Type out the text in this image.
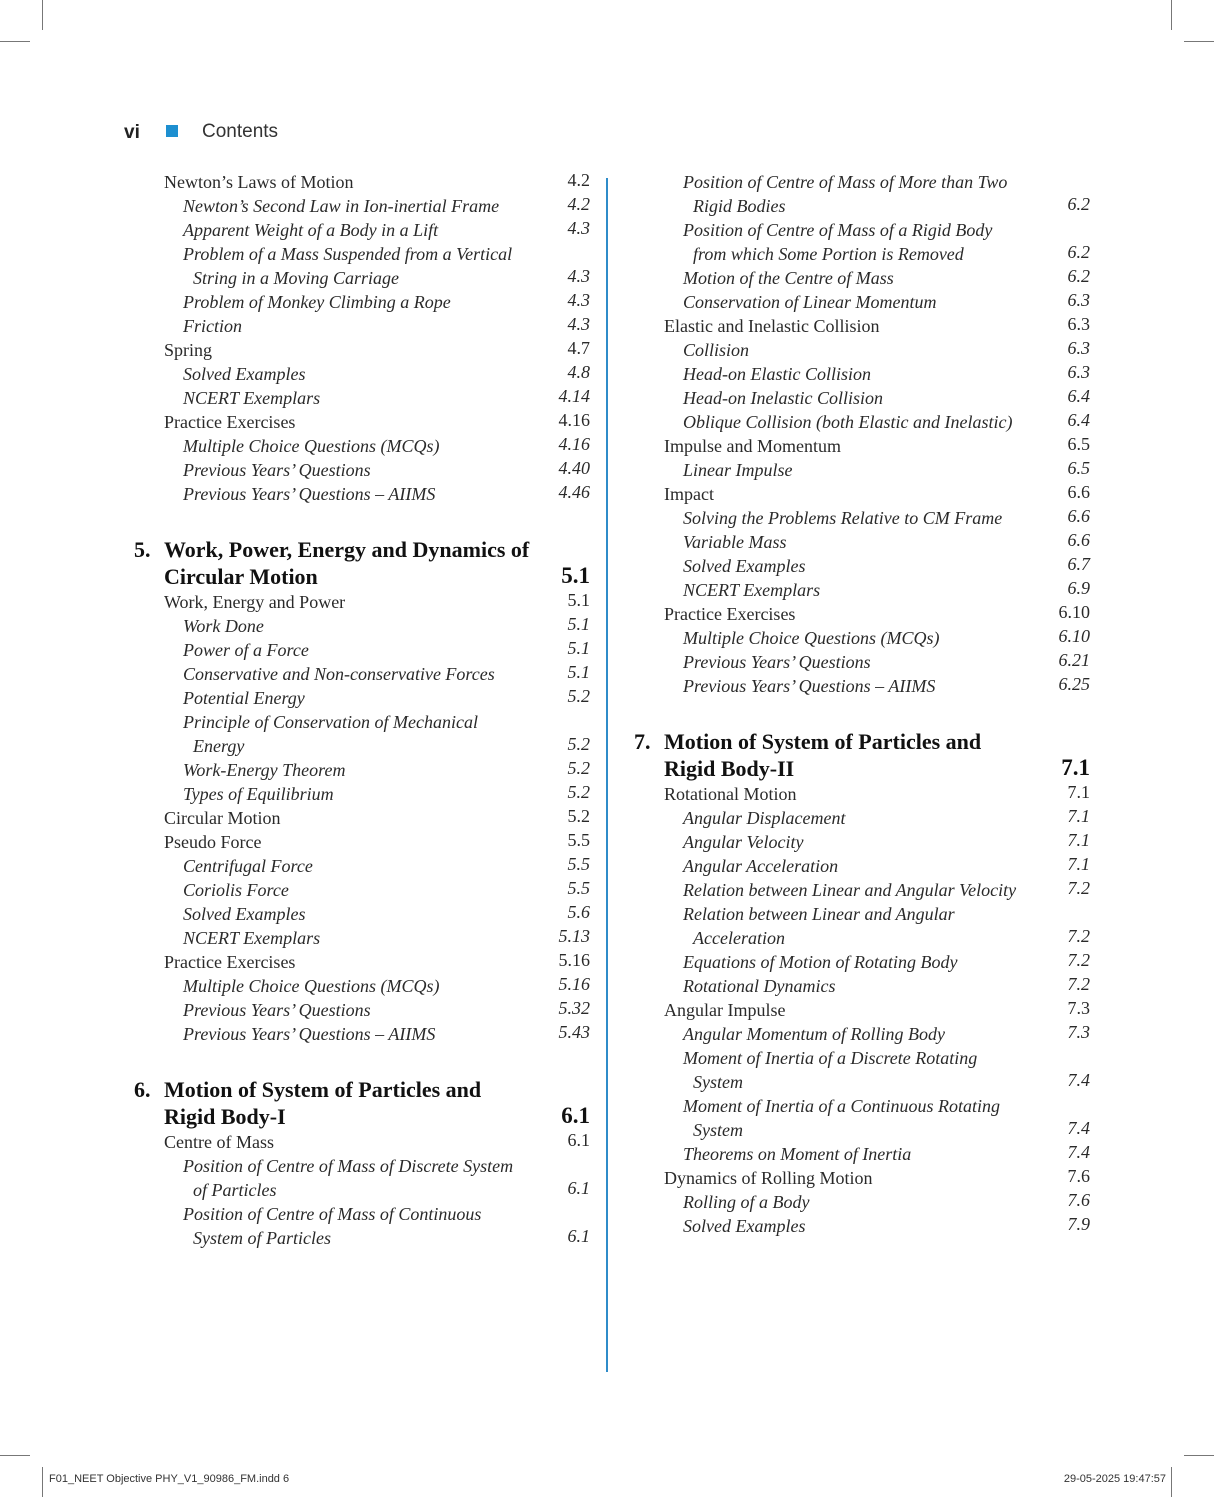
vi	Contents
Newton’s Laws of Motion	4.2
Newton’s Second Law in Ion-inertial Frame	4.2
Apparent Weight of a Body in a Lift	4.3
Problem of a Mass Suspended from a Vertical String in a Moving Carriage	4.3
Problem of Monkey Climbing a Rope	4.3
Friction	4.3
Spring	4.7
Solved Examples	4.8
NCERT Exemplars	4.14
Practice Exercises	4.16
Multiple Choice Questions (MCQs)	4.16
Previous Years’ Questions	4.40
Previous Years’ Questions – AIIMS	4.46
5. Work, Power, Energy and Dynamics of Circular Motion	5.1
Work, Energy and Power	5.1
Work Done	5.1
Power of a Force	5.1
Conservative and Non-conservative Forces	5.1
Potential Energy	5.2
Principle of Conservation of Mechanical Energy	5.2
Work-Energy Theorem	5.2
Types of Equilibrium	5.2
Circular Motion	5.2
Pseudo Force	5.5
Centrifugal Force	5.5
Coriolis Force	5.5
Solved Examples	5.6
NCERT Exemplars	5.13
Practice Exercises	5.16
Multiple Choice Questions (MCQs)	5.16
Previous Years’ Questions	5.32
Previous Years’ Questions – AIIMS	5.43
6. Motion of System of Particles and Rigid Body-I	6.1
Centre of Mass	6.1
Position of Centre of Mass of Discrete System of Particles	6.1
Position of Centre of Mass of Continuous System of Particles	6.1
Position of Centre of Mass of More than Two Rigid Bodies	6.2
Position of Centre of Mass of a Rigid Body from which Some Portion is Removed	6.2
Motion of the Centre of Mass	6.2
Conservation of Linear Momentum	6.3
Elastic and Inelastic Collision	6.3
Collision	6.3
Head-on Elastic Collision	6.3
Head-on Inelastic Collision	6.4
Oblique Collision (both Elastic and Inelastic)	6.4
Impulse and Momentum	6.5
Linear Impulse	6.5
Impact	6.6
Solving the Problems Relative to CM Frame	6.6
Variable Mass	6.6
Solved Examples	6.7
NCERT Exemplars	6.9
Practice Exercises	6.10
Multiple Choice Questions (MCQs)	6.10
Previous Years’ Questions	6.21
Previous Years’ Questions – AIIMS	6.25
7. Motion of System of Particles and Rigid Body-II	7.1
Rotational Motion	7.1
Angular Displacement	7.1
Angular Velocity	7.1
Angular Acceleration	7.1
Relation between Linear and Angular Velocity	7.2
Relation between Linear and Angular Acceleration	7.2
Equations of Motion of Rotating Body	7.2
Rotational Dynamics	7.2
Angular Impulse	7.3
Angular Momentum of Rolling Body	7.3
Moment of Inertia of a Discrete Rotating System	7.4
Moment of Inertia of a Continuous Rotating System	7.4
Theorems on Moment of Inertia	7.4
Dynamics of Rolling Motion	7.6
Rolling of a Body	7.6
Solved Examples	7.9
F01_NEET Objective PHY_V1_90986_FM.indd 6	29-05-2025 19:47:57
